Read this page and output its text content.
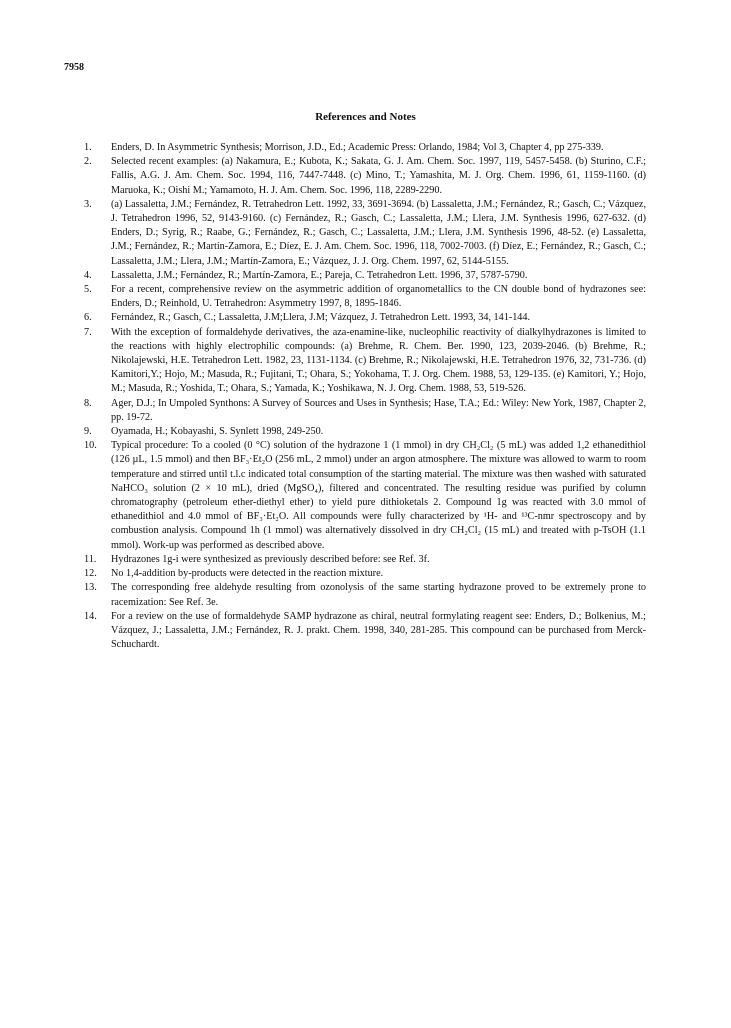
7958
References and Notes
1.	Enders, D. In Asymmetric Synthesis; Morrison, J.D., Ed.; Academic Press: Orlando, 1984; Vol 3, Chapter 4, pp 275-339.
2.	Selected recent examples: (a) Nakamura, E.; Kubota, K.; Sakata, G. J. Am. Chem. Soc. 1997, 119, 5457-5458. (b) Sturino, C.F.; Fallis, A.G. J. Am. Chem. Soc. 1994, 116, 7447-7448. (c) Mino, T.; Yamashita, M. J. Org. Chem. 1996, 61, 1159-1160. (d) Maruoka, K.; Oishi M.; Yamamoto, H. J. Am. Chem. Soc. 1996, 118, 2289-2290.
3.	(a) Lassaletta, J.M.; Fernández, R. Tetrahedron Lett. 1992, 33, 3691-3694. (b) Lassaletta, J.M.; Fernández, R.; Gasch, C.; Vázquez, J. Tetrahedron 1996, 52, 9143-9160. (c) Fernández, R.; Gasch, C.; Lassaletta, J.M.; Llera, J.M. Synthesis 1996, 627-632. (d) Enders, D.; Syrig, R.; Raabe, G.; Fernández, R.; Gasch, C.; Lassaletta, J.M.; Llera, J.M. Synthesis 1996, 48-52. (e) Lassaletta, J.M.; Fernández, R.; Martín-Zamora, E.; Díez, E. J. Am. Chem. Soc. 1996, 118, 7002-7003. (f) Díez, E.; Fernández, R.; Gasch, C.; Lassaletta, J.M.; Llera, J.M.; Martín-Zamora, E.; Vázquez, J. J. Org. Chem. 1997, 62, 5144-5155.
4.	Lassaletta, J.M.; Fernández, R.; Martín-Zamora, E.; Pareja, C. Tetrahedron Lett. 1996, 37, 5787-5790.
5.	For a recent, comprehensive review on the asymmetric addition of organometallics to the CN double bond of hydrazones see: Enders, D.; Reinhold, U. Tetrahedron: Asymmetry 1997, 8, 1895-1846.
6.	Fernández, R.; Gasch, C.; Lassaletta, J.M;Llera, J.M; Vázquez, J. Tetrahedron Lett. 1993, 34, 141-144.
7.	With the exception of formaldehyde derivatives, the aza-enamine-like, nucleophilic reactivity of dialkylhydrazones is limited to the reactions with highly electrophilic compounds: (a) Brehme, R. Chem. Ber. 1990, 123, 2039-2046. (b) Brehme, R.; Nikolajewski, H.E. Tetrahedron Lett. 1982, 23, 1131-1134. (c) Brehme, R.; Nikolajewski, H.E. Tetrahedron 1976, 32, 731-736. (d) Kamitori,Y.; Hojo, M.; Masuda, R.; Fujitani, T.; Ohara, S.; Yokohama, T. J. Org. Chem. 1988, 53, 129-135. (e) Kamitori, Y.; Hojo, M.; Masuda, R.; Yoshida, T.; Ohara, S.; Yamada, K.; Yoshikawa, N. J. Org. Chem. 1988, 53, 519-526.
8.	Ager, D.J.; In Umpoled Synthons: A Survey of Sources and Uses in Synthesis; Hase, T.A.; Ed.: Wiley: New York, 1987, Chapter 2, pp. 19-72.
9.	Oyamada, H.; Kobayashi, S. Synlett 1998, 249-250.
10.	Typical procedure: To a cooled (0 °C) solution of the hydrazone 1 (1 mmol) in dry CH₂Cl₂ (5 mL) was added 1,2 ethanedithiol (126 µL, 1.5 mmol) and then BF₃·Et₂O (256 mL, 2 mmol) under an argon atmosphere. The mixture was allowed to warm to room temperature and stirred until t.l.c indicated total consumption of the starting material. The mixture was then washed with saturated NaHCO₃ solution (2 × 10 mL), dried (MgSO₄), filtered and concentrated. The resulting residue was purified by column chromatography (petroleum ether-diethyl ether) to yield pure dithioketals 2. Compound 1g was reacted with 3.0 mmol of ethanedithiol and 4.0 mmol of BF₃·Et₂O. All compounds were fully characterized by ¹H- and ¹³C-nmr spectroscopy and by combustion analysis. Compound 1h (1 mmol) was alternatively dissolved in dry CH₂Cl₂ (15 mL) and treated with p-TsOH (1.1 mmol). Work-up was performed as described above.
11.	Hydrazones 1g-i were synthesized as previously described before: see Ref. 3f.
12.	No 1,4-addition by-products were detected in the reaction mixture.
13.	The corresponding free aldehyde resulting from ozonolysis of the same starting hydrazone proved to be extremely prone to racemization: See Ref. 3e.
14.	For a review on the use of formaldehyde SAMP hydrazone as chiral, neutral formylating reagent see: Enders, D.; Bolkenius, M.; Vázquez, J.; Lassaletta, J.M.; Fernández, R. J. prakt. Chem. 1998, 340, 281-285. This compound can be purchased from Merck-Schuchardt.
